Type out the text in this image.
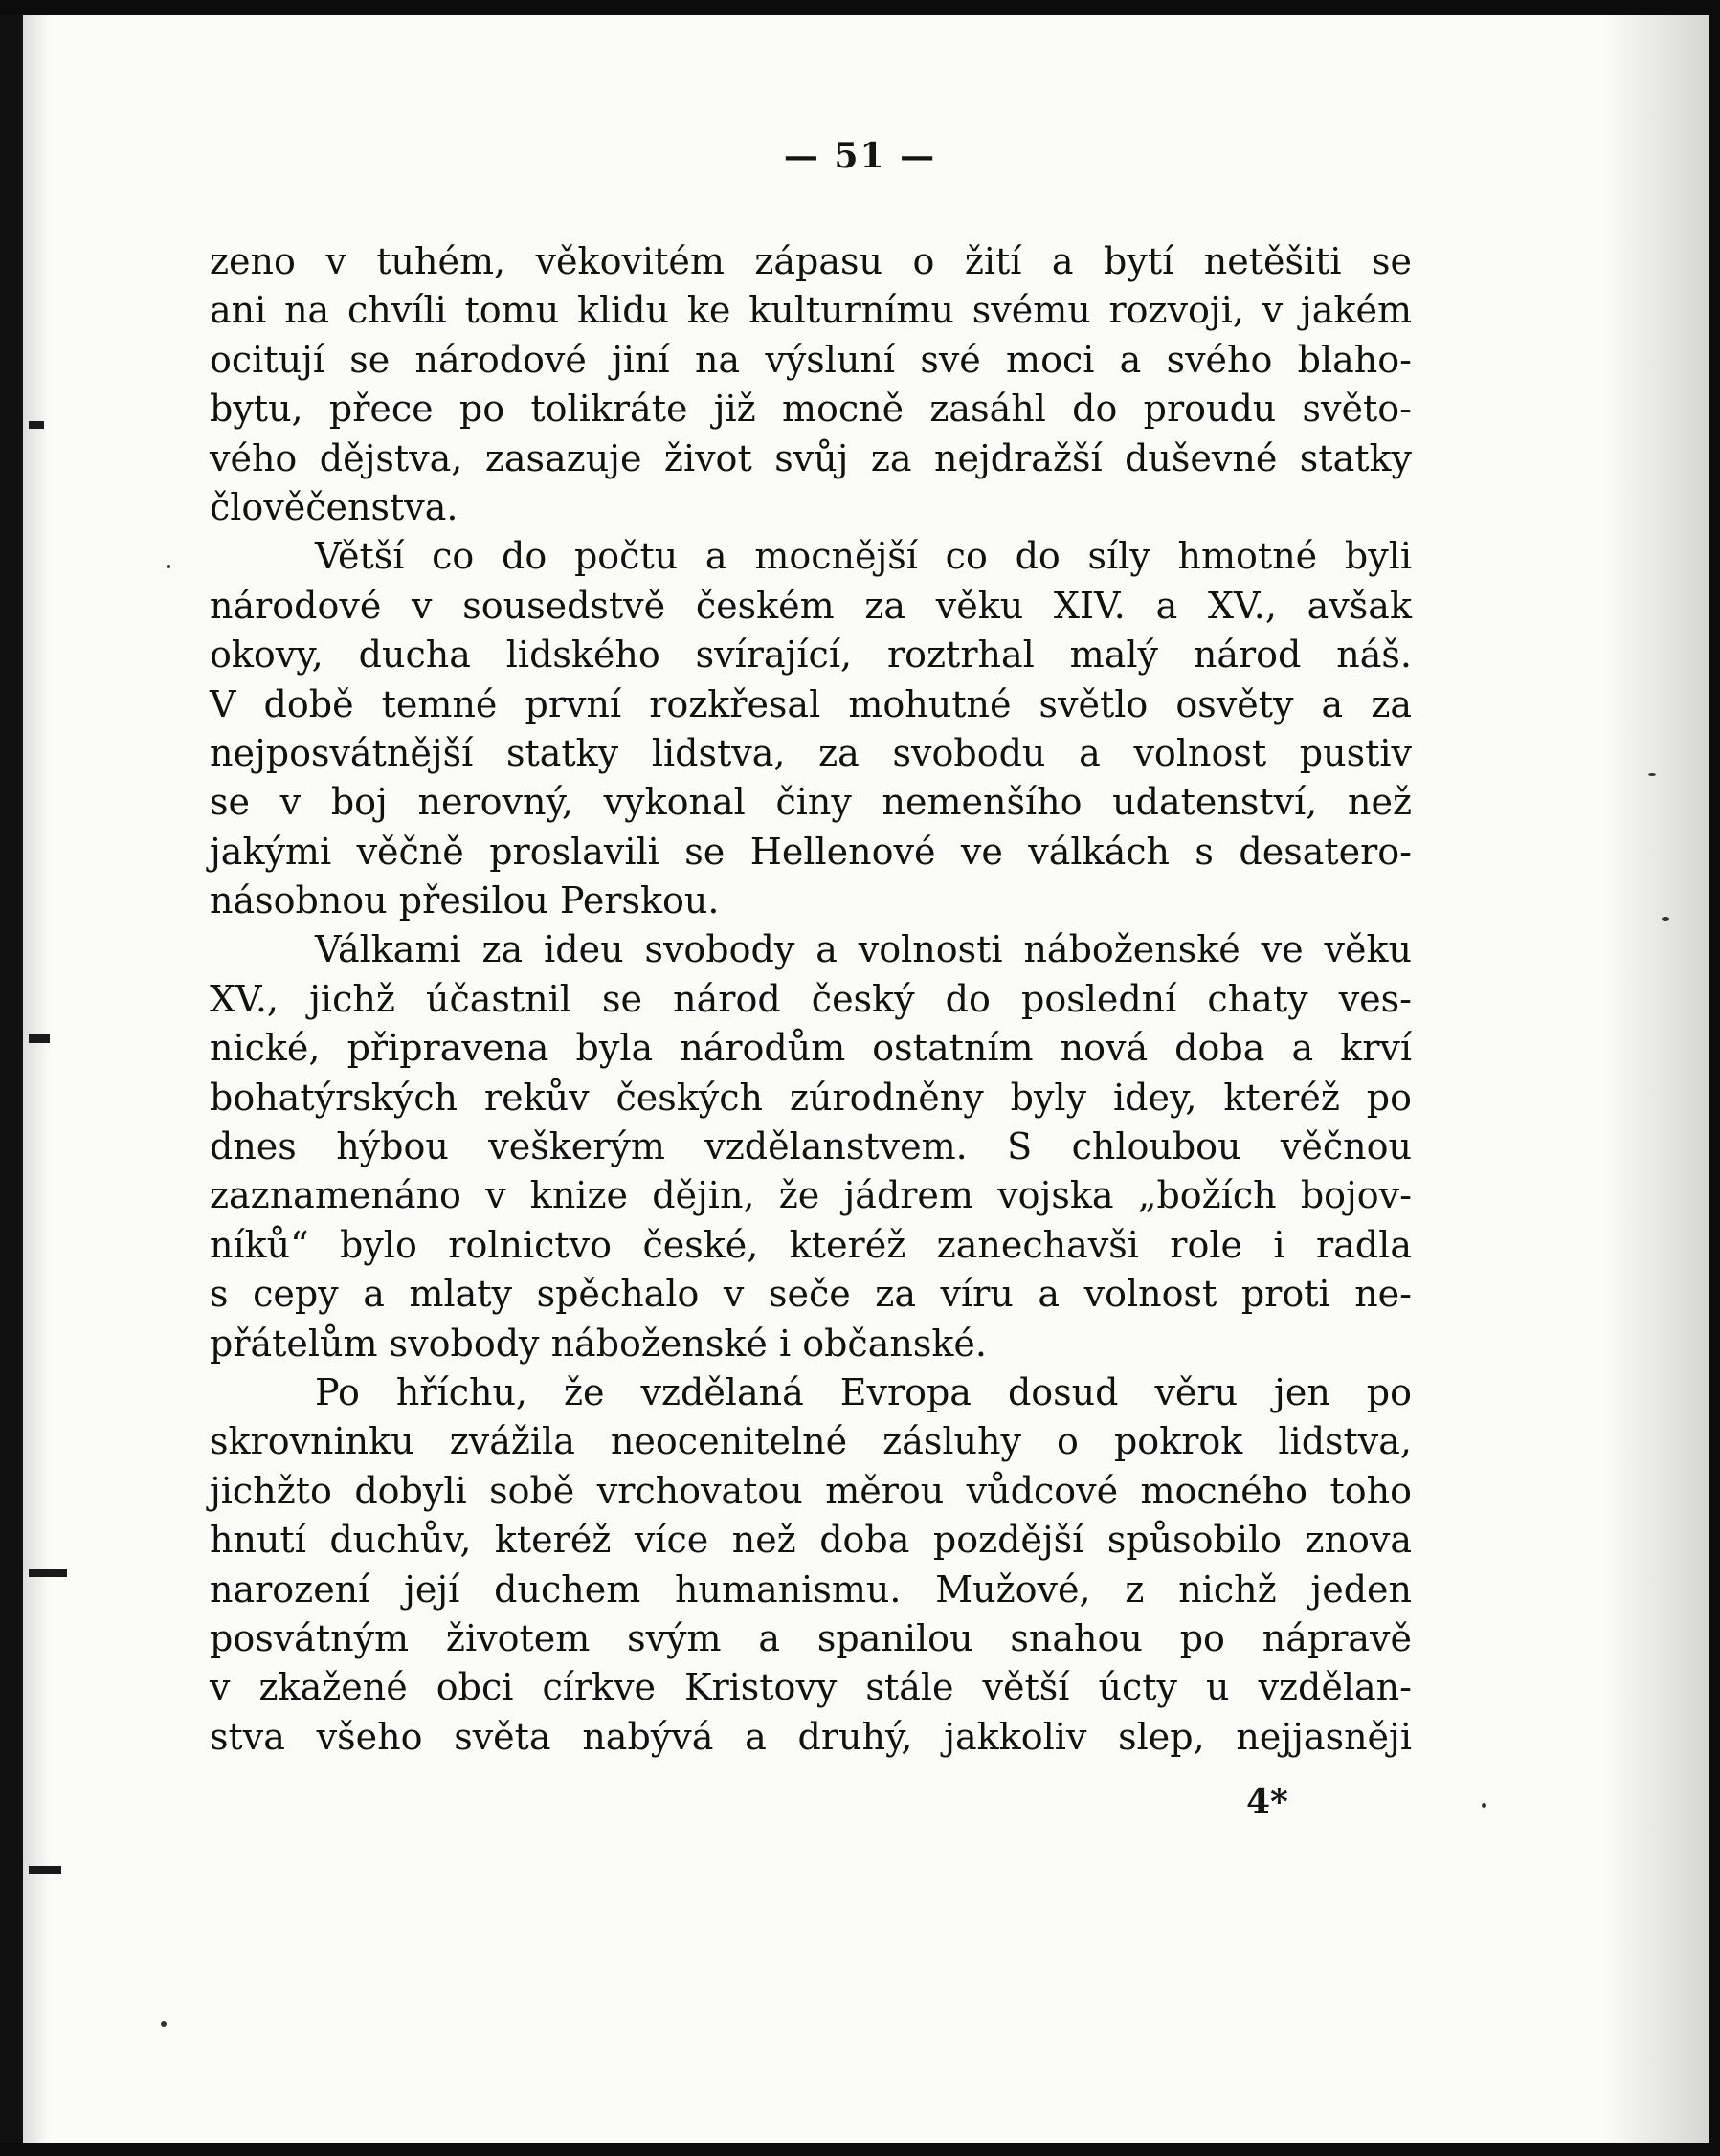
— 51 —
zeno v tuhém, věkovitém zápasu o žití a bytí netěšiti se
ani na chvíli tomu klidu ke kulturnímu svému rozvoji, v jakém
ocitují se národové jiní na výsluní své moci a svého blaho-
bytu, přece po tolikráte již mocně zasáhl do proudu světo-
vého dějstva, zasazuje život svůj za nejdražší duševné statky
člověčenstva.
Větší co do počtu a mocnější co do síly hmotné byli
národové v sousedstvě českém za věku XIV. a XV., avšak
okovy, ducha lidského svírající, roztrhal malý národ náš.
V době temné první rozkřesal mohutné světlo osvěty a za
nejposvátnější statky lidstva, za svobodu a volnost pustiv
se v boj nerovný, vykonal činy nemenšího udatenství, než
jakými věčně proslavili se Hellenové ve válkách s desatero-
násobnou přesilou Perskou.
Válkami za ideu svobody a volnosti náboženské ve věku
XV., jichž účastnil se národ český do poslední chaty ves-
nické, připravena byla národům ostatním nová doba a krví
bohatýrských rekův českých zúrodněny byly idey, kteréž po
dnes hýbou veškerým vzdělanstvem. S chloubou věčnou
zaznamenáno v knize dějin, že jádrem vojska „božích bojov-
níků“ bylo rolnictvo české, kteréž zanechavši role i radla
s cepy a mlaty spěchalo v seče za víru a volnost proti ne-
přátelům svobody náboženské i občanské.
Po hříchu, že vzdělaná Evropa dosud věru jen po
skrovninku zvážila neocenitelné zásluhy o pokrok lidstva,
jichžto dobyli sobě vrchovatou měrou vůdcové mocného toho
hnutí duchův, kteréž více než doba pozdější spůsobilo znova
narození její duchem humanismu. Mužové, z nichž jeden
posvátným životem svým a spanilou snahou po nápravě
v zkažené obci církve Kristovy stále větší úcty u vzdělan-
stva všeho světa nabývá a druhý, jakkoliv slep, nejjasněji
4*
